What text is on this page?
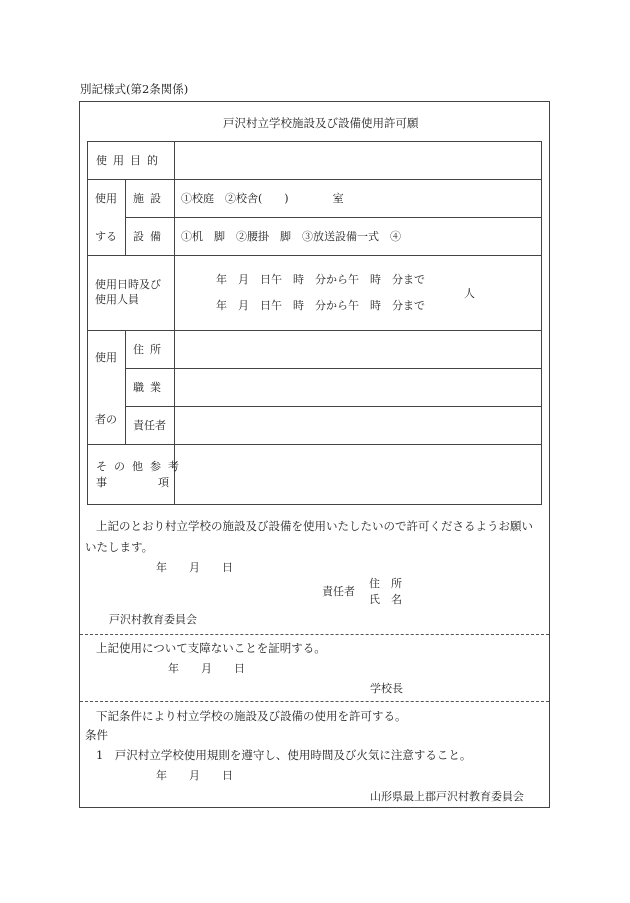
別記様式(第2条関係)
戸沢村立学校施設及び設備使用許可願
使用目的
使用
する
施設
設備
①校庭　②校舎(　　)　　　　室
①机　脚　②腰掛　脚　③放送設備一式　④
使用日時及び
使用人員
年　月　日午　時　分から午　時　分まで
年　月　日午　時　分から午　時　分まで
人
使用
者の
住所
職業
責任者
その他参考
事	項
上記のとおり村立学校の施設及び設備を使用いたしたいので許可くださるようお願い
いたします。
年　　月　　日
住　所
責任者
氏　名
戸沢村教育委員会
上記使用について支障ないことを証明する。
年　　月　　日
学校長
下記条件により村立学校の施設及び設備の使用を許可する。
条件
1　戸沢村立学校使用規則を遵守し、使用時間及び火気に注意すること。
年　　月　　日
山形県最上郡戸沢村教育委員会
